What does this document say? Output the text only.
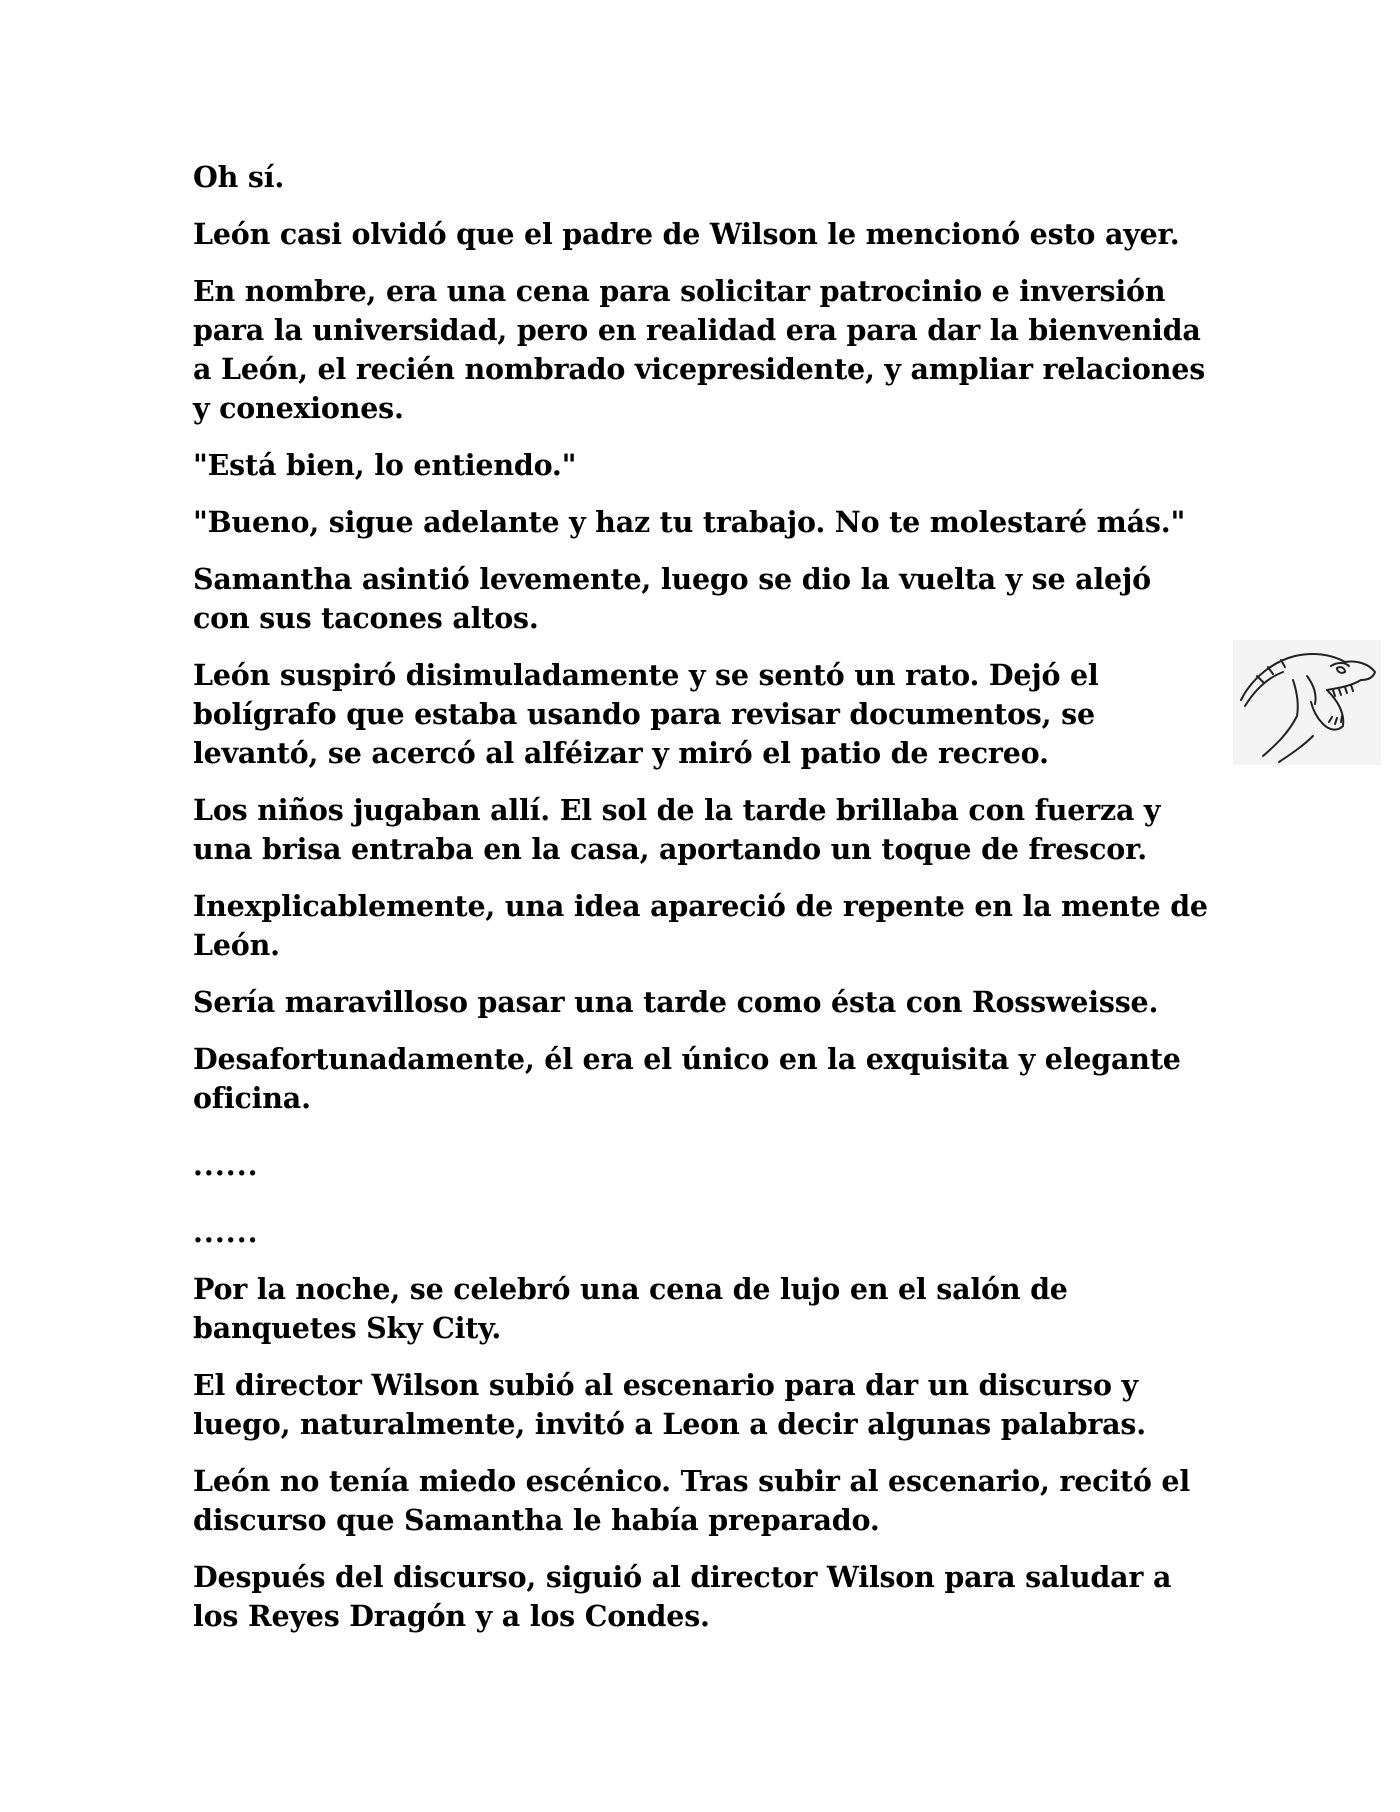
Oh sí.

León casi olvidó que el padre de Wilson le mencionó esto ayer.

En nombre, era una cena para solicitar patrocinio e inversión para la universidad, pero en realidad era para dar la bienvenida a León, el recién nombrado vicepresidente, y ampliar relaciones y conexiones.

"Está bien, lo entiendo."

"Bueno, sigue adelante y haz tu trabajo. No te molestaré más."

Samantha asintió levemente, luego se dio la vuelta y se alejó con sus tacones altos.

León suspiró disimuladamente y se sentó un rato. Dejó el bolígrafo que estaba usando para revisar documentos, se levantó, se acercó al alféizar y miró el patio de recreo.

Los niños jugaban allí. El sol de la tarde brillaba con fuerza y una brisa entraba en la casa, aportando un toque de frescor.

Inexplicablemente, una idea apareció de repente en la mente de León.

Sería maravilloso pasar una tarde como ésta con Rossweisse.

Desafortunadamente, él era el único en la exquisita y elegante oficina.

......

......

Por la noche, se celebró una cena de lujo en el salón de banquetes Sky City.

El director Wilson subió al escenario para dar un discurso y luego, naturalmente, invitó a Leon a decir algunas palabras.

León no tenía miedo escénico. Tras subir al escenario, recitó el discurso que Samantha le había preparado.

Después del discurso, siguió al director Wilson para saludar a los Reyes Dragón y a los Condes.
